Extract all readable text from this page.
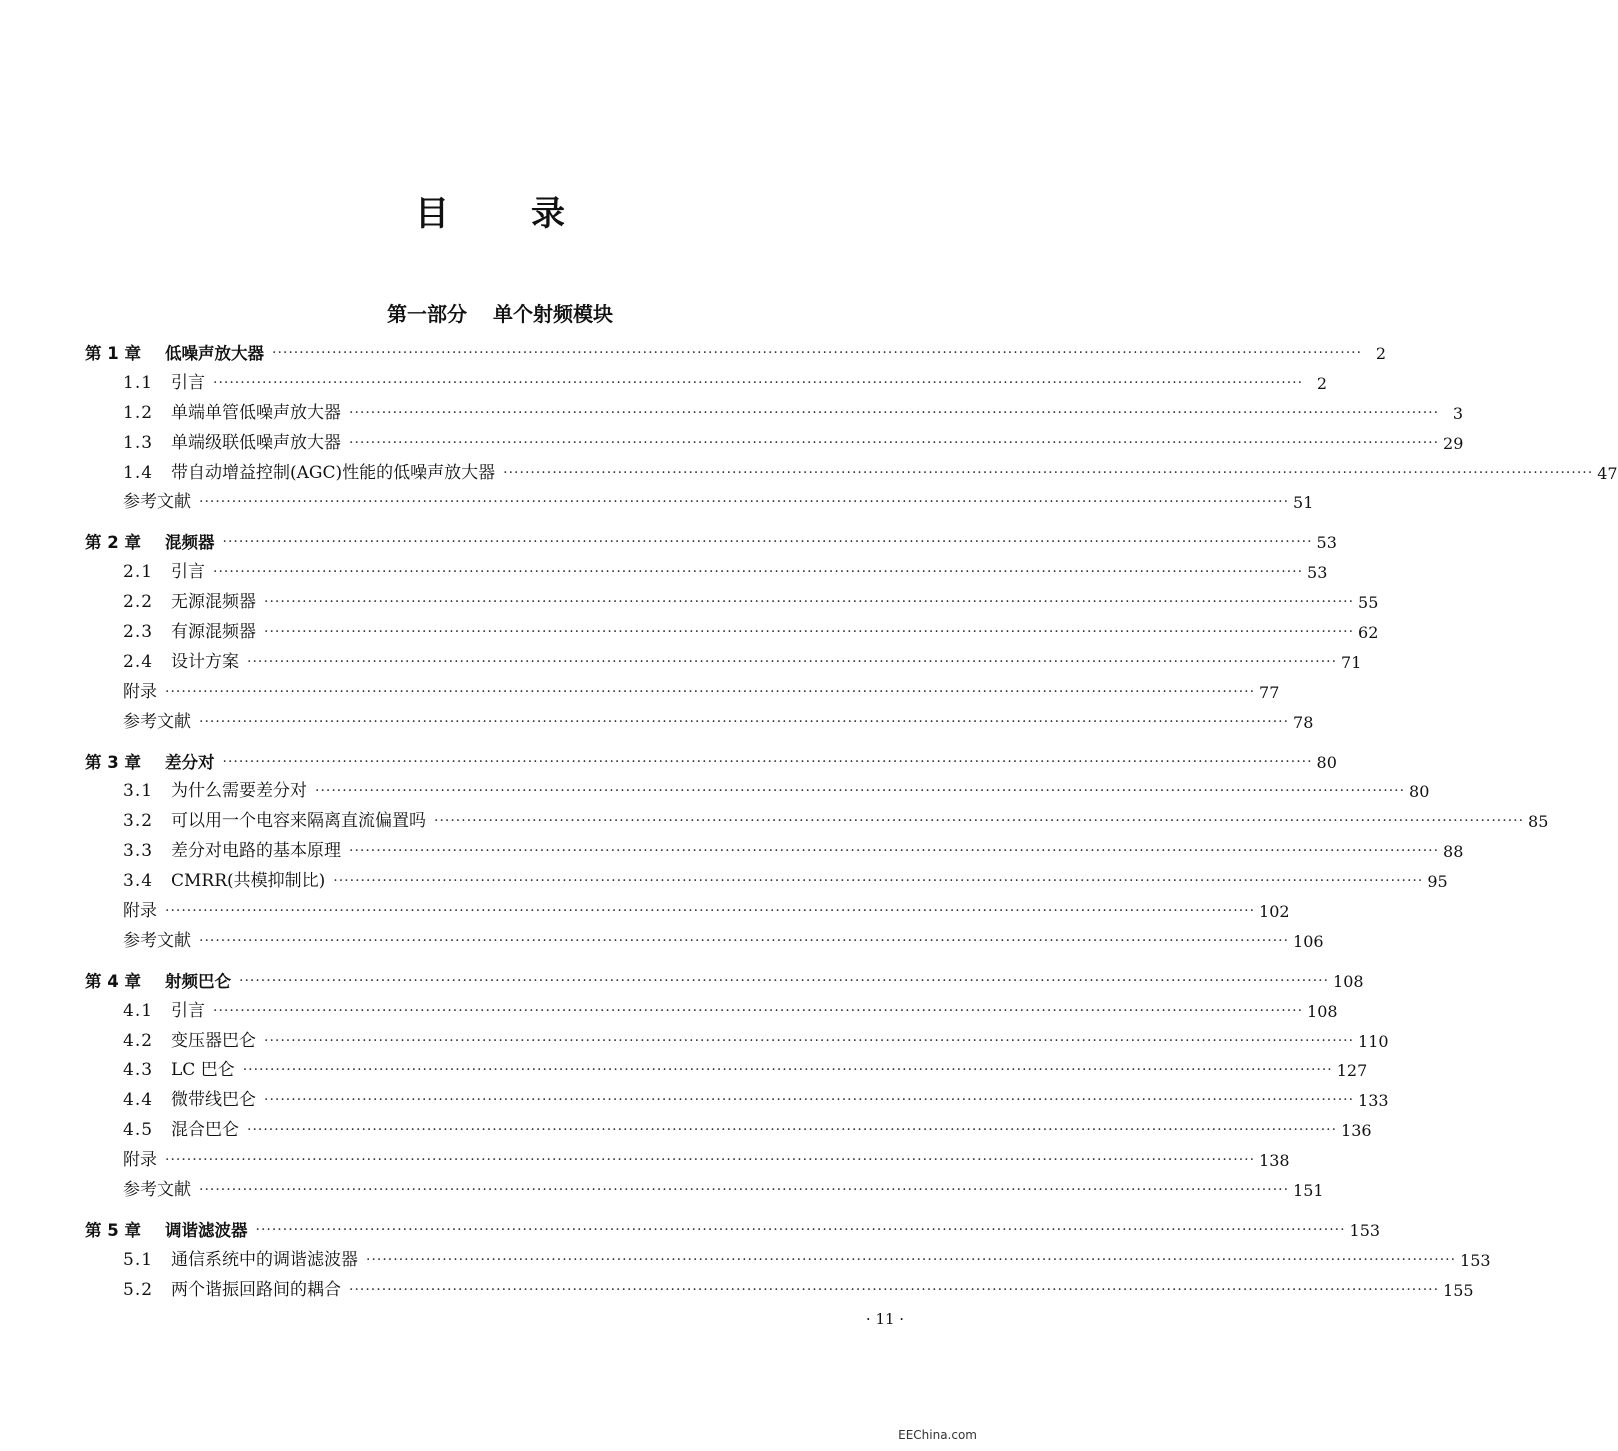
目 录
第一部分 单个射频模块
第 1 章	低噪声放大器 ········································································································································································································ 2
1.1	引言 ········································································································································································································ 2
1.2	单端单管低噪声放大器 ········································································································································································································ 3
1.3	单端级联低噪声放大器 ········································································································································································································ 29
1.4	带自动增益控制(AGC)性能的低噪声放大器 ········································································································································································································ 47
参考文献 ········································································································································································································ 51
第 2 章	混频器 ········································································································································································································ 53
2.1	引言 ········································································································································································································ 53
2.2	无源混频器 ········································································································································································································ 55
2.3	有源混频器 ········································································································································································································ 62
2.4	设计方案 ········································································································································································································ 71
附录 ········································································································································································································ 77
参考文献 ········································································································································································································ 78
第 3 章	差分对 ········································································································································································································ 80
3.1	为什么需要差分对 ········································································································································································································ 80
3.2	可以用一个电容来隔离直流偏置吗 ········································································································································································································ 85
3.3	差分对电路的基本原理 ········································································································································································································ 88
3.4	CMRR(共模抑制比) ········································································································································································································ 95
附录 ········································································································································································································ 102
参考文献 ········································································································································································································ 106
第 4 章	射频巴仑 ········································································································································································································ 108
4.1	引言 ········································································································································································································ 108
4.2	变压器巴仑 ········································································································································································································ 110
4.3	LC 巴仑 ········································································································································································································ 127
4.4	微带线巴仑 ········································································································································································································ 133
4.5	混合巴仑 ········································································································································································································ 136
附录 ········································································································································································································ 138
参考文献 ········································································································································································································ 151
第 5 章	调谐滤波器 ········································································································································································································ 153
5.1	通信系统中的调谐滤波器 ········································································································································································································ 153
5.2	两个谐振回路间的耦合 ········································································································································································································ 155
· 11 ·
EEChina.com
